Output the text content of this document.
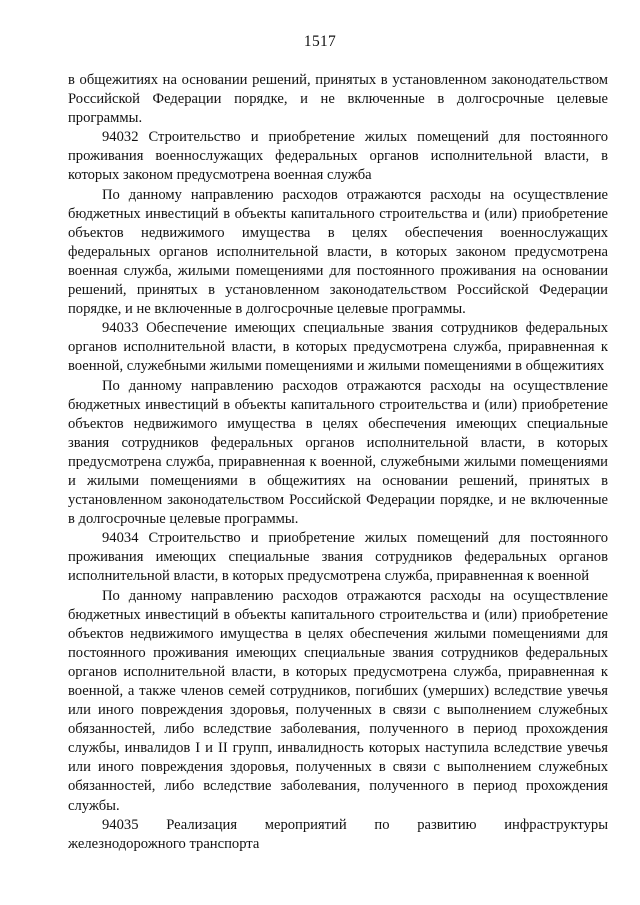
1517

в общежитиях на основании решений, принятых в установленном законодательством Российской Федерации порядке, и не включенные в долгосрочные целевые программы.

94032 Строительство и приобретение жилых помещений для постоянного проживания военнослужащих федеральных органов исполнительной власти, в которых законом предусмотрена военная служба

По данному направлению расходов отражаются расходы на осуществление бюджетных инвестиций в объекты капитального строительства и (или) приобретение объектов недвижимого имущества в целях обеспечения военнослужащих федеральных органов исполнительной власти, в которых законом предусмотрена военная служба, жилыми помещениями для постоянного проживания на основании решений, принятых в установленном законодательством Российской Федерации порядке, и не включенные в долгосрочные целевые программы.

94033 Обеспечение имеющих специальные звания сотрудников федеральных органов исполнительной власти, в которых предусмотрена служба, приравненная к военной, служебными жилыми помещениями и жилыми помещениями в общежитиях

По данному направлению расходов отражаются расходы на осуществление бюджетных инвестиций в объекты капитального строительства и (или) приобретение объектов недвижимого имущества в целях обеспечения имеющих специальные звания сотрудников федеральных органов исполнительной власти, в которых предусмотрена служба, приравненная к военной, служебными жилыми помещениями и жилыми помещениями в общежитиях на основании решений, принятых в установленном законодательством Российской Федерации порядке, и не включенные в долгосрочные целевые программы.

94034 Строительство и приобретение жилых помещений для постоянного проживания имеющих специальные звания сотрудников федеральных органов исполнительной власти, в которых предусмотрена служба, приравненная к военной

По данному направлению расходов отражаются расходы на осуществление бюджетных инвестиций в объекты капитального строительства и (или) приобретение объектов недвижимого имущества в целях обеспечения жилыми помещениями для постоянного проживания имеющих специальные звания сотрудников федеральных органов исполнительной власти, в которых предусмотрена служба, приравненная к военной, а также членов семей сотрудников, погибших (умерших) вследствие увечья или иного повреждения здоровья, полученных в связи с выполнением служебных обязанностей, либо вследствие заболевания, полученного в период прохождения службы, инвалидов I и II групп, инвалидность которых наступила вследствие увечья или иного повреждения здоровья, полученных в связи с выполнением служебных обязанностей, либо вследствие заболевания, полученного в период прохождения службы.

94035 Реализация мероприятий по развитию инфраструктуры железнодорожного транспорта
